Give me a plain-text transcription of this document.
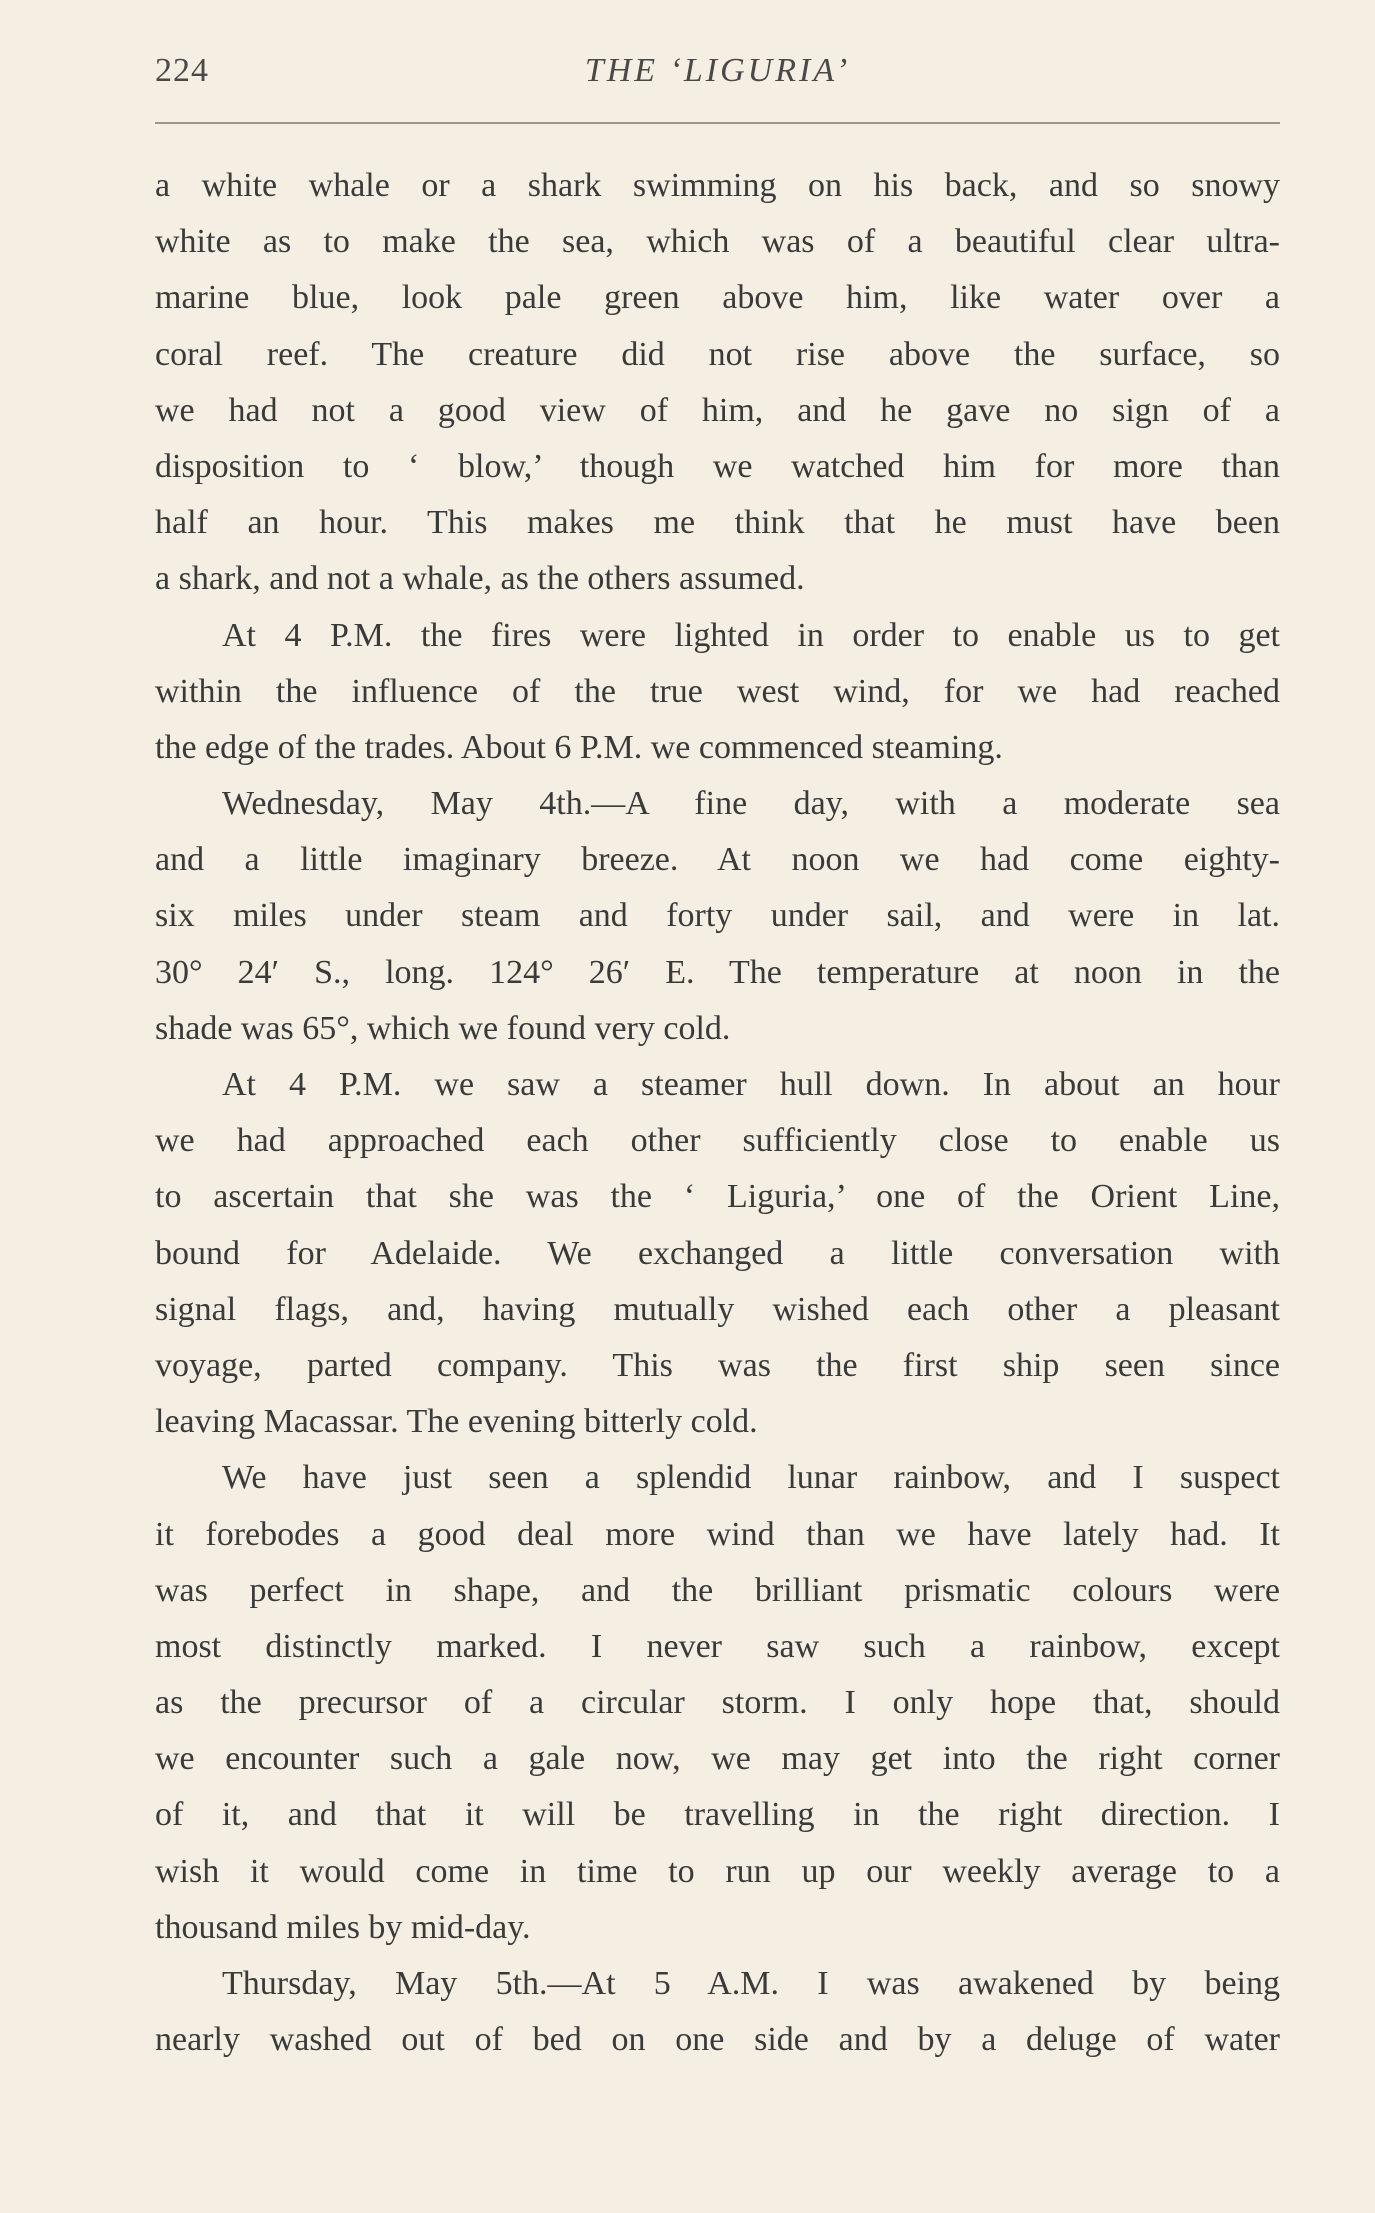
224	THE ‘LIGURIA’
a white whale or a shark swimming on his back, and so snowy
white as to make the sea, which was of a beautiful clear ultra-
marine blue, look pale green above him, like water over a
coral reef. The creature did not rise above the surface, so
we had not a good view of him, and he gave no sign of a
disposition to ‘ blow,’ though we watched him for more than
half an hour. This makes me think that he must have been
a shark, and not a whale, as the others assumed.
At 4 P.M. the fires were lighted in order to enable us to get
within the influence of the true west wind, for we had reached
the edge of the trades. About 6 P.M. we commenced steaming.
Wednesday, May 4th.—A fine day, with a moderate sea
and a little imaginary breeze. At noon we had come eighty-
six miles under steam and forty under sail, and were in lat.
30° 24′ S., long. 124° 26′ E. The temperature at noon in the
shade was 65°, which we found very cold.
At 4 P.M. we saw a steamer hull down. In about an hour
we had approached each other sufficiently close to enable us
to ascertain that she was the ‘ Liguria,’ one of the Orient Line,
bound for Adelaide. We exchanged a little conversation with
signal flags, and, having mutually wished each other a pleasant
voyage, parted company. This was the first ship seen since
leaving Macassar. The evening bitterly cold.
We have just seen a splendid lunar rainbow, and I suspect
it forebodes a good deal more wind than we have lately had. It
was perfect in shape, and the brilliant prismatic colours were
most distinctly marked. I never saw such a rainbow, except
as the precursor of a circular storm. I only hope that, should
we encounter such a gale now, we may get into the right corner
of it, and that it will be travelling in the right direction. I
wish it would come in time to run up our weekly average to a
thousand miles by mid-day.
Thursday, May 5th.—At 5 A.M. I was awakened by being
nearly washed out of bed on one side and by a deluge of water
